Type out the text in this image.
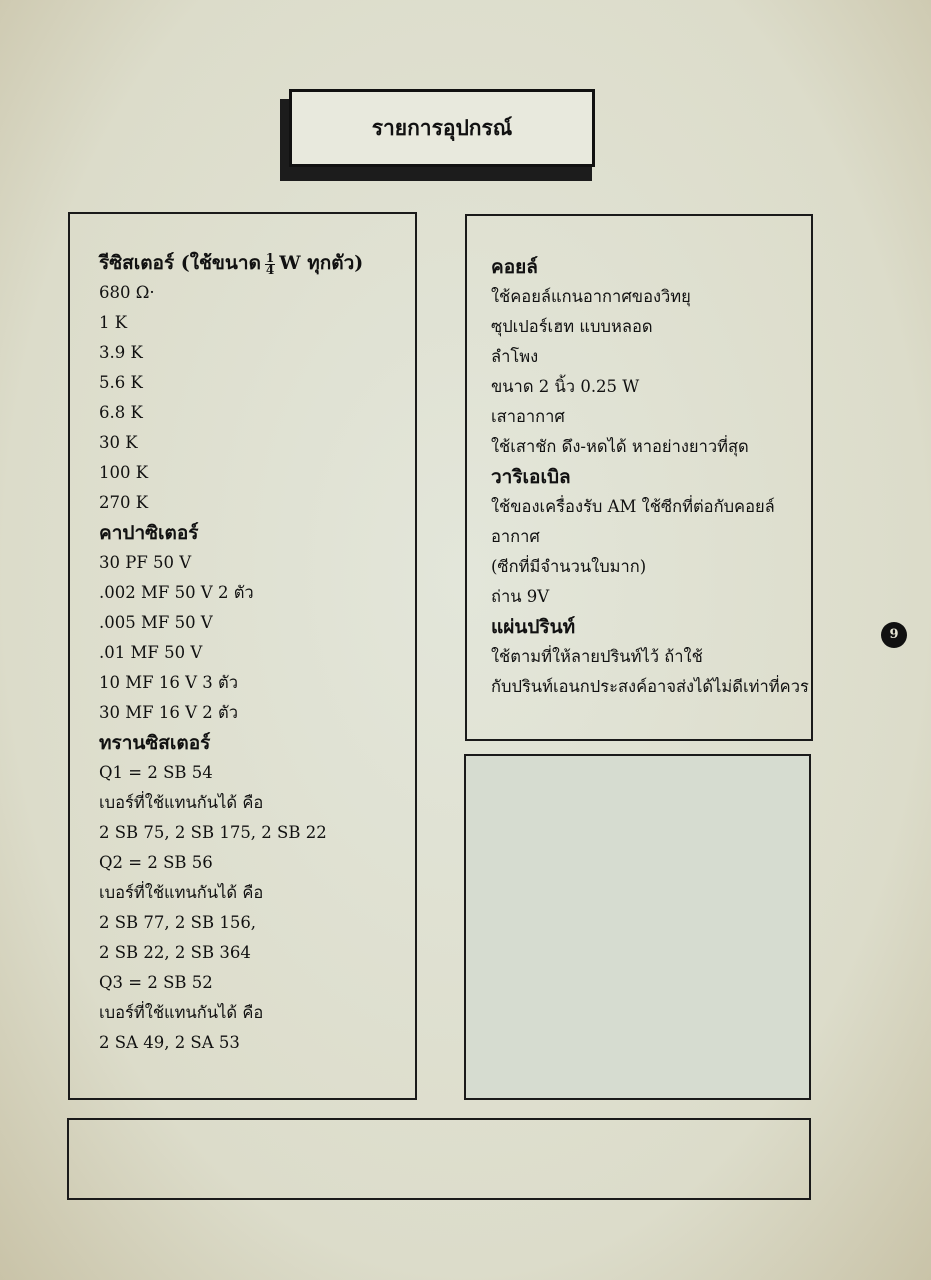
รายการอุปกรณ์
รีซิสเตอร์ (ใช้ขนาด $\frac{1}{4}$ W ทุกตัว)
680 Ω·
1 K
3.9 K
5.6 K
6.8 K
30 K
100 K
270 K
คาปาซิเตอร์
30 PF 50 V
.002 MF 50 V 2 ตัว
.005 MF 50 V
.01 MF 50 V
10 MF 16 V 3 ตัว
30 MF 16 V 2 ตัว
ทรานซิสเตอร์
Q1 = 2 SB 54
เบอร์ที่ใช้แทนกันได้ คือ
2 SB 75, 2 SB 175, 2 SB 22
Q2 = 2 SB 56
เบอร์ที่ใช้แทนกันได้ คือ
2 SB 77, 2 SB 156,
2 SB 22, 2 SB 364
Q3 = 2 SB 52
เบอร์ที่ใช้แทนกันได้ คือ
2 SA 49, 2 SA 53
คอยล์
ใช้คอยล์แกนอากาศของวิทยุ
ซุปเปอร์เฮท แบบหลอด
ลำโพง
ขนาด 2 นิ้ว 0.25 W
เสาอากาศ
ใช้เสาชัก ดึง-หดได้ หาอย่างยาวที่สุด
วาริเอเบิล
ใช้ของเครื่องรับ AM ใช้ซีกที่ต่อกับคอยล์
อากาศ
(ซีกที่มีจำนวนใบมาก)
ถ่าน 9V
แผ่นปรินท์
ใช้ตามที่ให้ลายปรินท์ไว้ ถ้าใช้
กับปรินท์เอนกประสงค์อาจส่งได้ไม่ดีเท่าที่ควร
9
